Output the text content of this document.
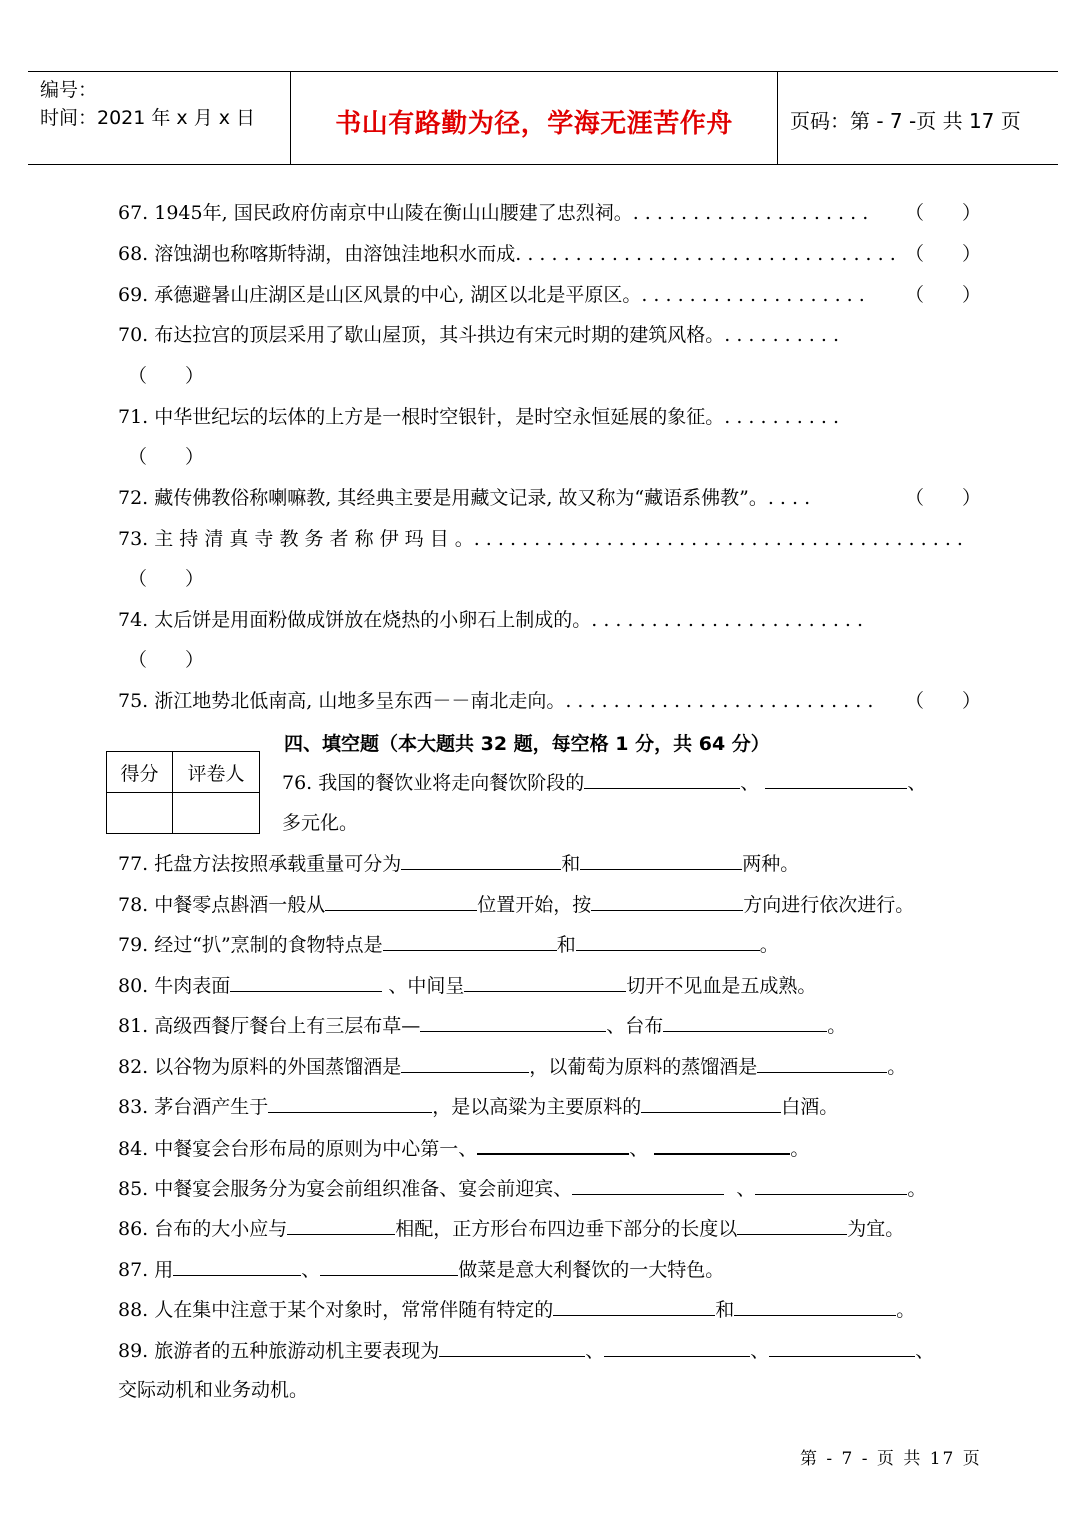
编号：
时间：2021 年 x 月 x 日	书山有路勤为径，学海无涯苦作舟	页码：第 - 7 -页 共 17 页
67. 1945年, 国民政府仿南京中山陵在衡山山腰建了忠烈祠。. . . . . . . . . . . . . . . . . . . . （　　）
68. 溶蚀湖也称喀斯特湖，由溶蚀洼地积水而成. . . . . . . . . . . . . . . . . . . . . . . . . . . . . . . . （　　）
69. 承德避暑山庄湖区是山区风景的中心, 湖区以北是平原区。. . . . . . . . . . . . . . . . . . . （　　）
70. 布达拉宫的顶层采用了歇山屋顶，其斗拱边有宋元时期的建筑风格。. . . . . . . . . .
（　　）
71. 中华世纪坛的坛体的上方是一根时空银针，是时空永恒延展的象征。. . . . . . . . . .
（　　）
72. 藏传佛教俗称喇嘛教, 其经典主要是用藏文记录, 故又称为“藏语系佛教”。. . . .	（　　）
73. 主 持 清 真 寺 教 务 者 称 伊 玛 目 。. . . . . . . . . . . . . . . . . . . . . . . . . . . . . . . . . . . . . . . . .
（　　）
74. 太后饼是用面粉做成饼放在烧热的小卵石上制成的。. . . . . . . . . . . . . . . . . . . . . . .
（　　）
75. 浙江地势北低南高, 山地多呈东西－－南北走向。. . . . . . . . . . . . . . . . . . . . . . . . . . （　　）
四、填空题（本大题共 32 题，每空格 1 分，共 64 分）
得分	评卷人
	76. 我国的餐饮业将走向餐饮阶段的	、	、
多元化。
77. 托盘方法按照承载重量可分为	和	两种。
78. 中餐零点斟酒一般从	位置开始，按	方向进行依次进行。
79. 经过“扒”烹制的食物特点是	和	。
80. 牛肉表面	、中间呈	切开不见血是五成熟。
81. 高级西餐厅餐台上有三层布草—	、台布	。
82. 以谷物为原料的外国蒸馏酒是	，以葡萄为原料的蒸馏酒是	。
83. 茅台酒产生于	，是以高粱为主要原料的	白酒。
84. 中餐宴会台形布局的原则为中心第一、	、	。
85. 中餐宴会服务分为宴会前组织准备、宴会前迎宾、	、	。
86. 台布的大小应与	相配，正方形台布四边垂下部分的长度以	为宜。
87. 用	、	做菜是意大利餐饮的一大特色。
88. 人在集中注意于某个对象时，常常伴随有特定的	和	。
89. 旅游者的五种旅游动机主要表现为	、	、	、
交际动机和业务动机。
第 - 7 - 页 共 17 页
